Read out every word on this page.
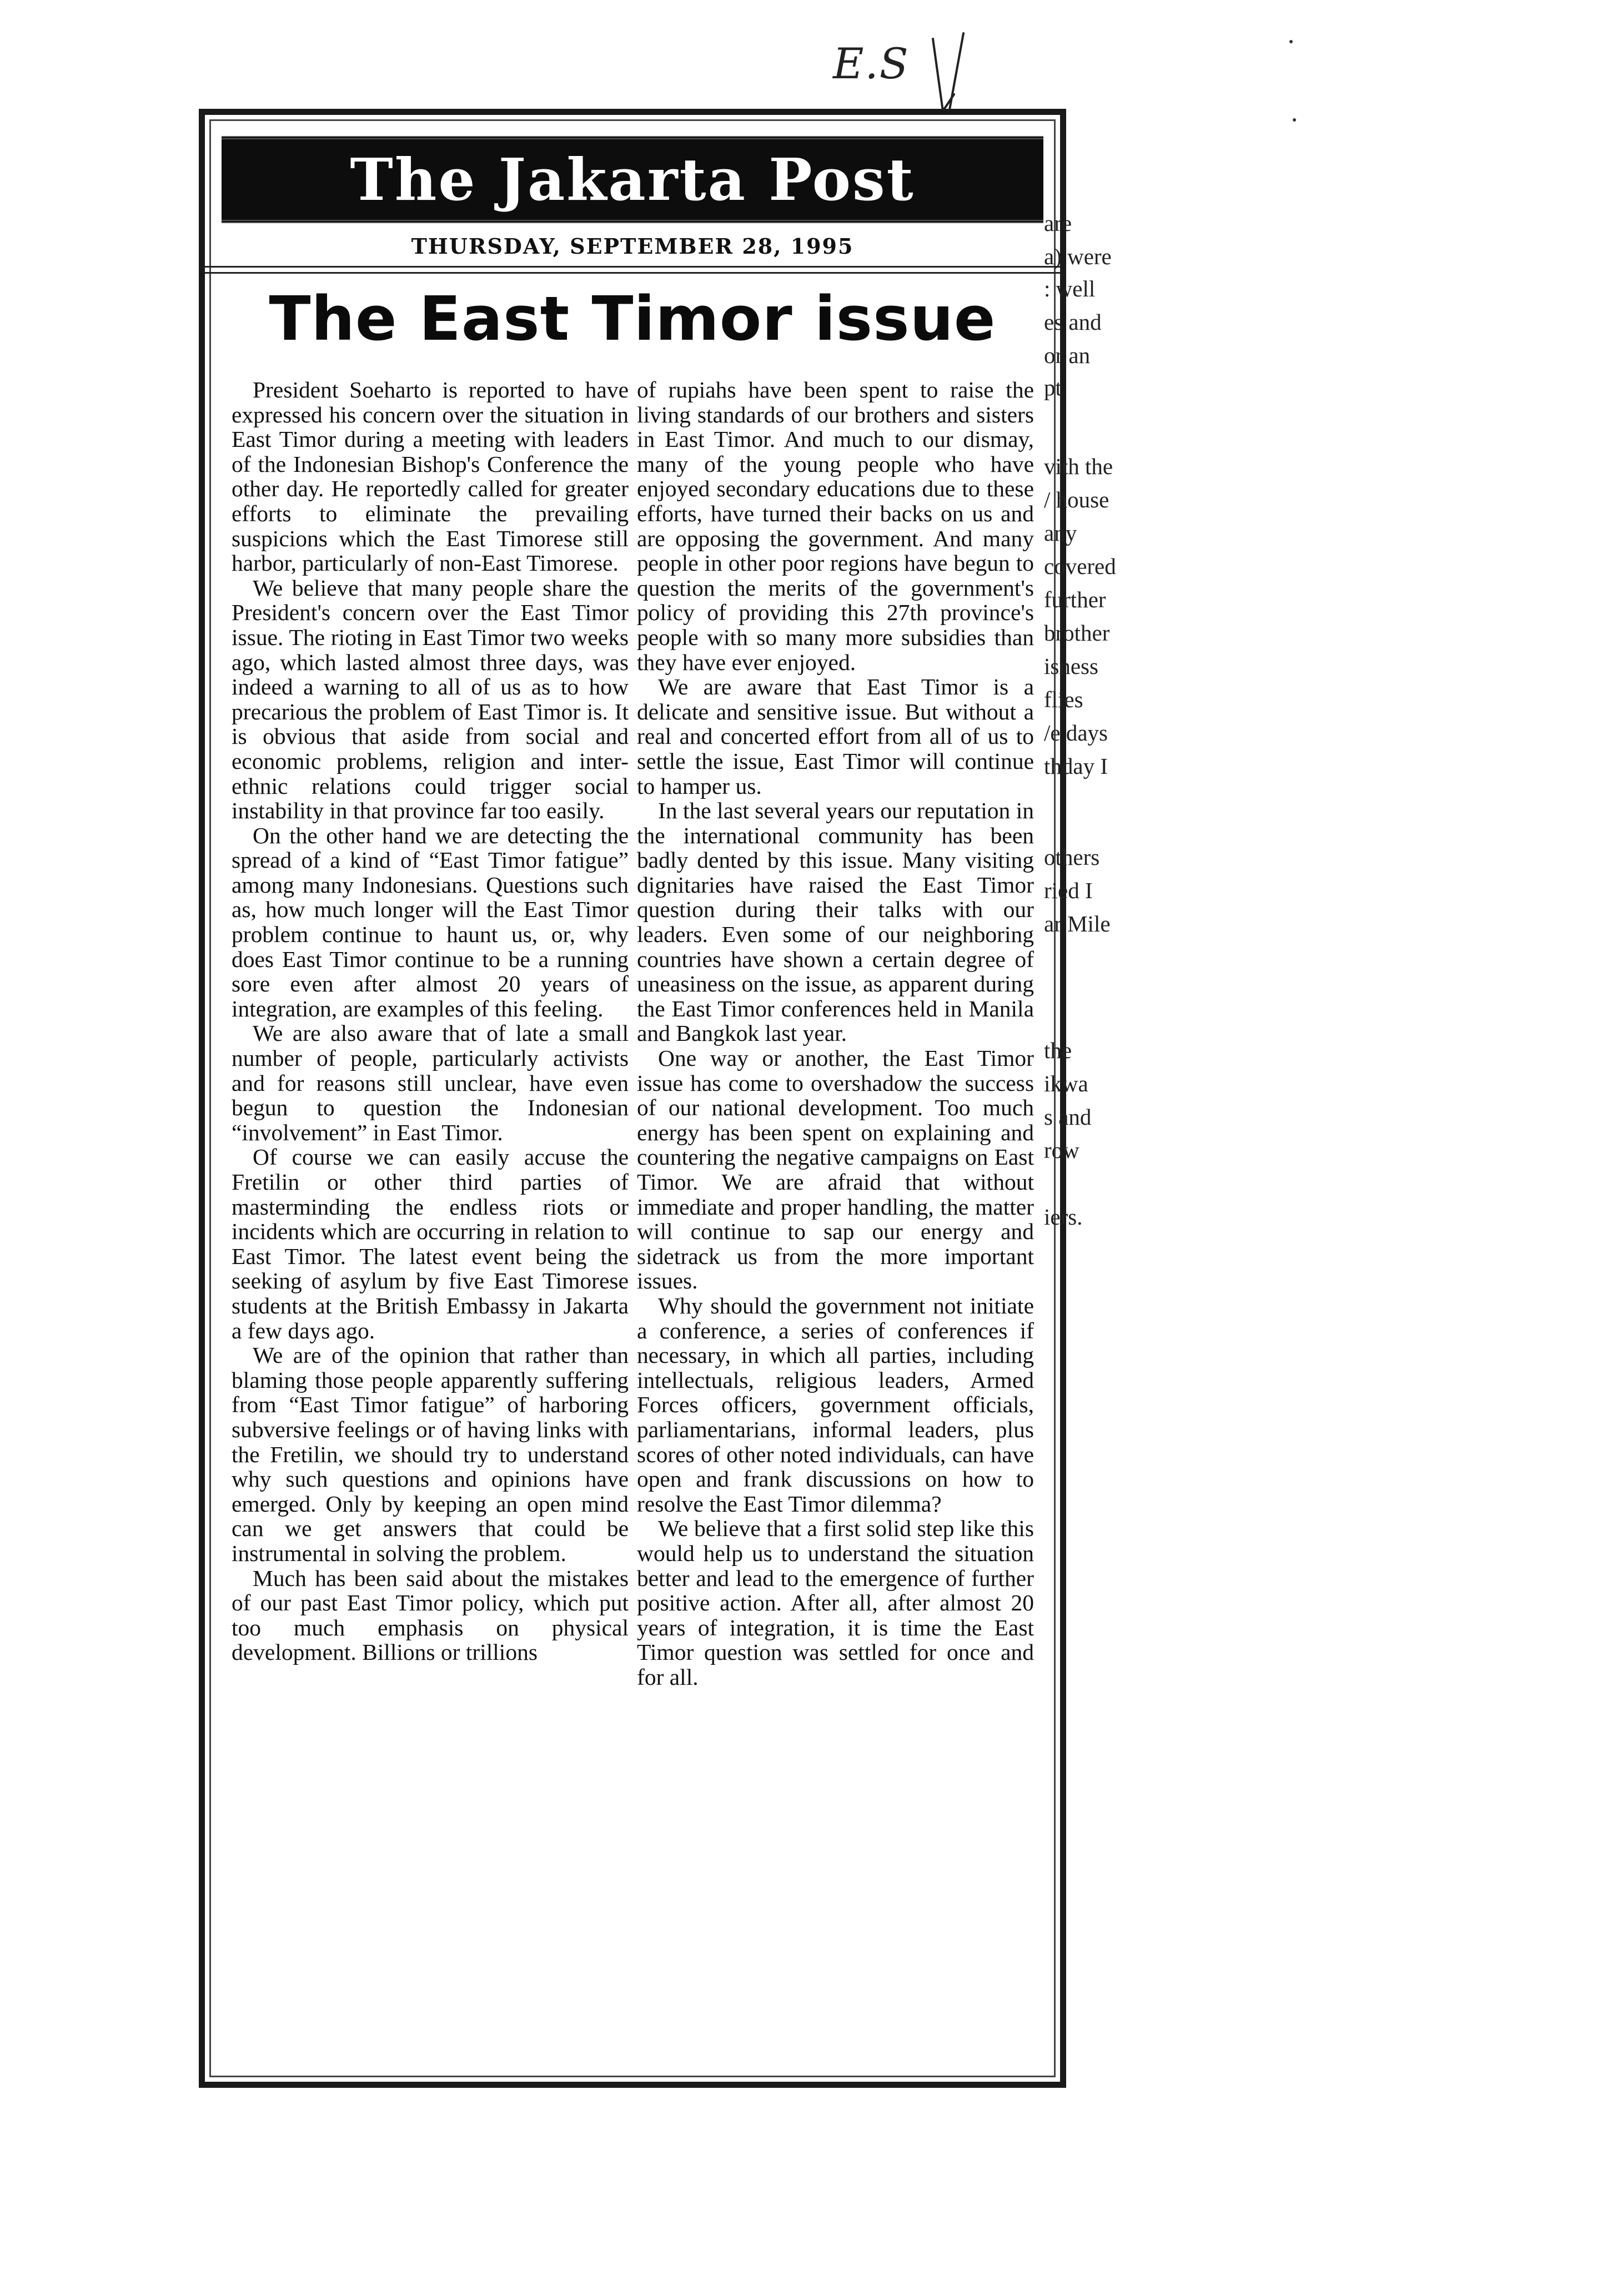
E.S
The Jakarta Post
THURSDAY, SEPTEMBER 28, 1995
The East Timor issue

President Soeharto is reported to have expressed his concern over the situation in East Timor during a meeting with leaders of the Indonesian Bishop's Conference the other day. He reportedly called for greater efforts to eliminate the prevailing suspicions which the East Timorese still harbor, particularly of non-East Timorese.

We believe that many people share the President's concern over the East Timor issue. The rioting in East Timor two weeks ago, which lasted almost three days, was indeed a warning to all of us as to how precarious the problem of East Timor is. It is obvious that aside from social and economic problems, religion and inter-ethnic relations could trigger social instability in that province far too easily.

On the other hand we are detecting the spread of a kind of “East Timor fatigue” among many Indonesians. Questions such as, how much longer will the East Timor problem continue to haunt us, or, why does East Timor continue to be a running sore even after almost 20 years of integration, are examples of this feeling.

We are also aware that of late a small number of people, particularly activists and for reasons still unclear, have even begun to question the Indonesian “involvement” in East Timor.

Of course we can easily accuse the Fretilin or other third parties of masterminding the endless riots or incidents which are occurring in relation to East Timor. The latest event being the seeking of asylum by five East Timorese students at the British Embassy in Jakarta a few days ago.

We are of the opinion that rather than blaming those people apparently suffering from “East Timor fatigue” of harboring subversive feelings or of having links with the Fretilin, we should try to understand why such questions and opinions have emerged. Only by keeping an open mind can we get answers that could be instrumental in solving the problem.

Much has been said about the mistakes of our past East Timor policy, which put too much emphasis on physical development. Billions or trillions

of rupiahs have been spent to raise the living standards of our brothers and sisters in East Timor. And much to our dismay, many of the young people who have enjoyed secondary educations due to these efforts, have turned their backs on us and are opposing the government. And many people in other poor regions have begun to question the merits of the government's policy of providing this 27th province's people with so many more subsidies than they have ever enjoyed.

We are aware that East Timor is a delicate and sensitive issue. But without a real and concerted effort from all of us to settle the issue, East Timor will continue to hamper us.

In the last several years our reputation in the international community has been badly dented by this issue. Many visiting dignitaries have raised the East Timor question during their talks with our leaders. Even some of our neighboring countries have shown a certain degree of uneasiness on the issue, as apparent during the East Timor conferences held in Manila and Bangkok last year.

One way or another, the East Timor issue has come to overshadow the success of our national development. Too much energy has been spent on explaining and countering the negative campaigns on East Timor. We are afraid that without immediate and proper handling, the matter will continue to sap our energy and sidetrack us from the more important issues.

Why should the government not initiate a conference, a series of conferences if necessary, in which all parties, including intellectuals, religious leaders, Armed Forces officers, government officials, parliamentarians, informal leaders, plus scores of other noted individuals, can have open and frank discussions on how to resolve the East Timor dilemma?

We believe that a first solid step like this would help us to understand the situation better and lead to the emergence of further positive action. After all, after almost 20 years of integration, it is time the East Timor question was settled for once and for all.

are
a) were
: well
es and
or an
pt
vith the
/ house
any
covered
further
brother
isness
flies
/e days
thday I
others
ried I
ar Mile
the
ikwa
s and
row
iers.
